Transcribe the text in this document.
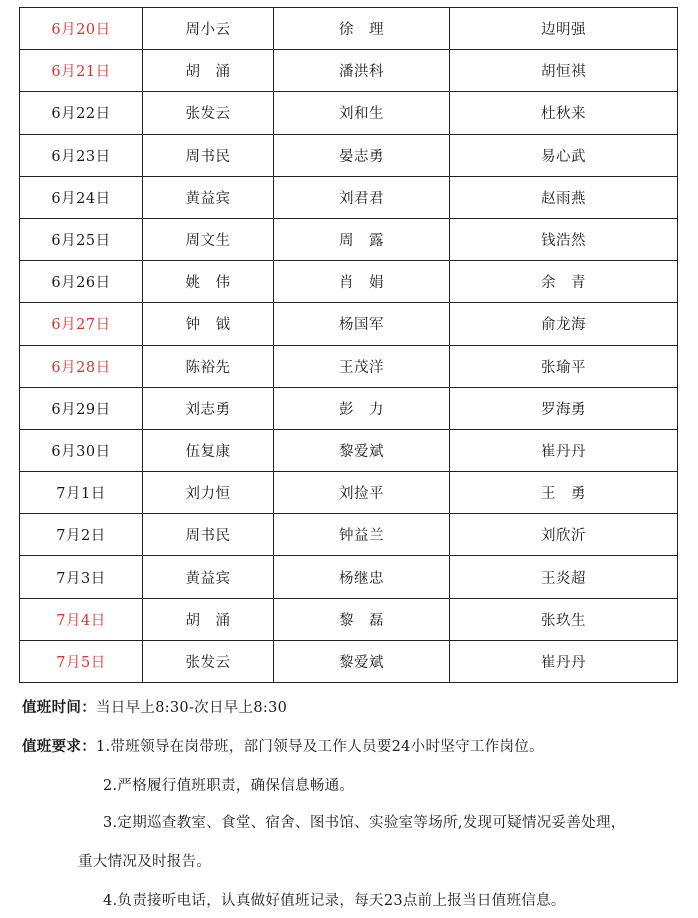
6月20日	周小云	徐　理	边明强
6月21日	胡　涌	潘洪科	胡恒祺
6月22日	张发云	刘和生	杜秋来
6月23日	周书民	晏志勇	易心武
6月24日	黄益宾	刘君君	赵雨燕
6月25日	周文生	周　露	钱浩然
6月26日	姚　伟	肖　娟	余　青
6月27日	钟　钺	杨国军	俞龙海
6月28日	陈裕先	王茂洋	张瑜平
6月29日	刘志勇	彭　力	罗海勇
6月30日	伍复康	黎爱斌	崔丹丹
7月1日	刘力恒	刘捡平	王　勇
7月2日	周书民	钟益兰	刘欣沂
7月3日	黄益宾	杨继忠	王炎超
7月4日	胡　涌	黎　磊	张玖生
7月5日	张发云	黎爱斌	崔丹丹
值班时间：当日早上8:30-次日早上8:30
值班要求：1.带班领导在岗带班，部门领导及工作人员要24小时坚守工作岗位。
2.严格履行值班职责，确保信息畅通。
3.定期巡查教室、食堂、宿舍、图书馆、实验室等场所,发现可疑情况妥善处理，
重大情况及时报告。
4.负责接听电话，认真做好值班记录，每天23点前上报当日值班信息。
